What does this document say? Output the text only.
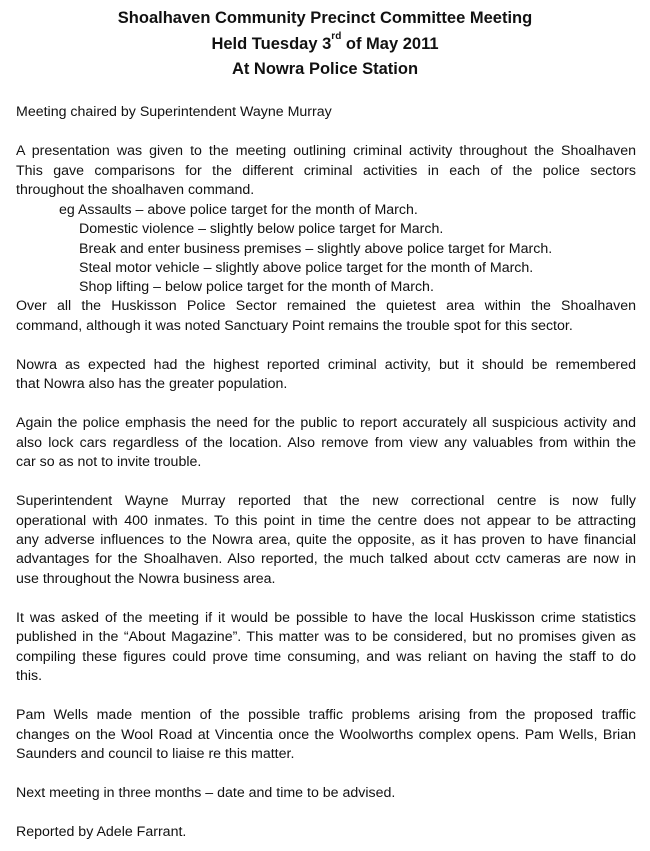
Shoalhaven Community Precinct Committee Meeting
Held Tuesday 3rd of May 2011
At Nowra Police Station
Meeting chaired by Superintendent Wayne Murray
A presentation was given to the meeting outlining criminal activity throughout the Shoalhaven
This gave comparisons for the different criminal activities in each of the police sectors
throughout the shoalhaven command.
eg Assaults – above police target for the month of March.
Domestic violence – slightly below police target for March.
Break and enter business premises – slightly above police target for March.
Steal motor vehicle – slightly above police target for the month of March.
Shop lifting – below police target for the month of March.
Over all the Huskisson Police Sector remained the quietest area within the Shoalhaven
command, although it was noted Sanctuary Point remains the trouble spot for this sector.
Nowra as expected had the highest reported criminal activity, but it should be remembered
that Nowra also has the greater population.
Again the police emphasis the need for the public to report accurately all suspicious activity and
also lock cars regardless of the location. Also remove from view any valuables from within the
car so as not to invite trouble.
Superintendent Wayne Murray reported that the new correctional centre is now fully
operational with 400 inmates. To this point in time the centre does not appear to be attracting
any adverse influences to the Nowra area, quite the opposite, as it has proven to have financial
advantages for the Shoalhaven. Also reported, the much talked about cctv cameras are now in
use throughout the Nowra business area.
It was asked of the meeting if it would be possible to have the local Huskisson crime statistics
published in the “About Magazine”. This matter was to be considered, but no promises given as
compiling these figures could prove time consuming, and was reliant on having the staff to do
this.
Pam Wells made mention of the possible traffic problems arising from the proposed traffic
changes on the Wool Road at Vincentia once the Woolworths complex opens. Pam Wells, Brian
Saunders and council to liaise re this matter.
Next meeting in three months – date and time to be advised.
Reported by Adele Farrant.
